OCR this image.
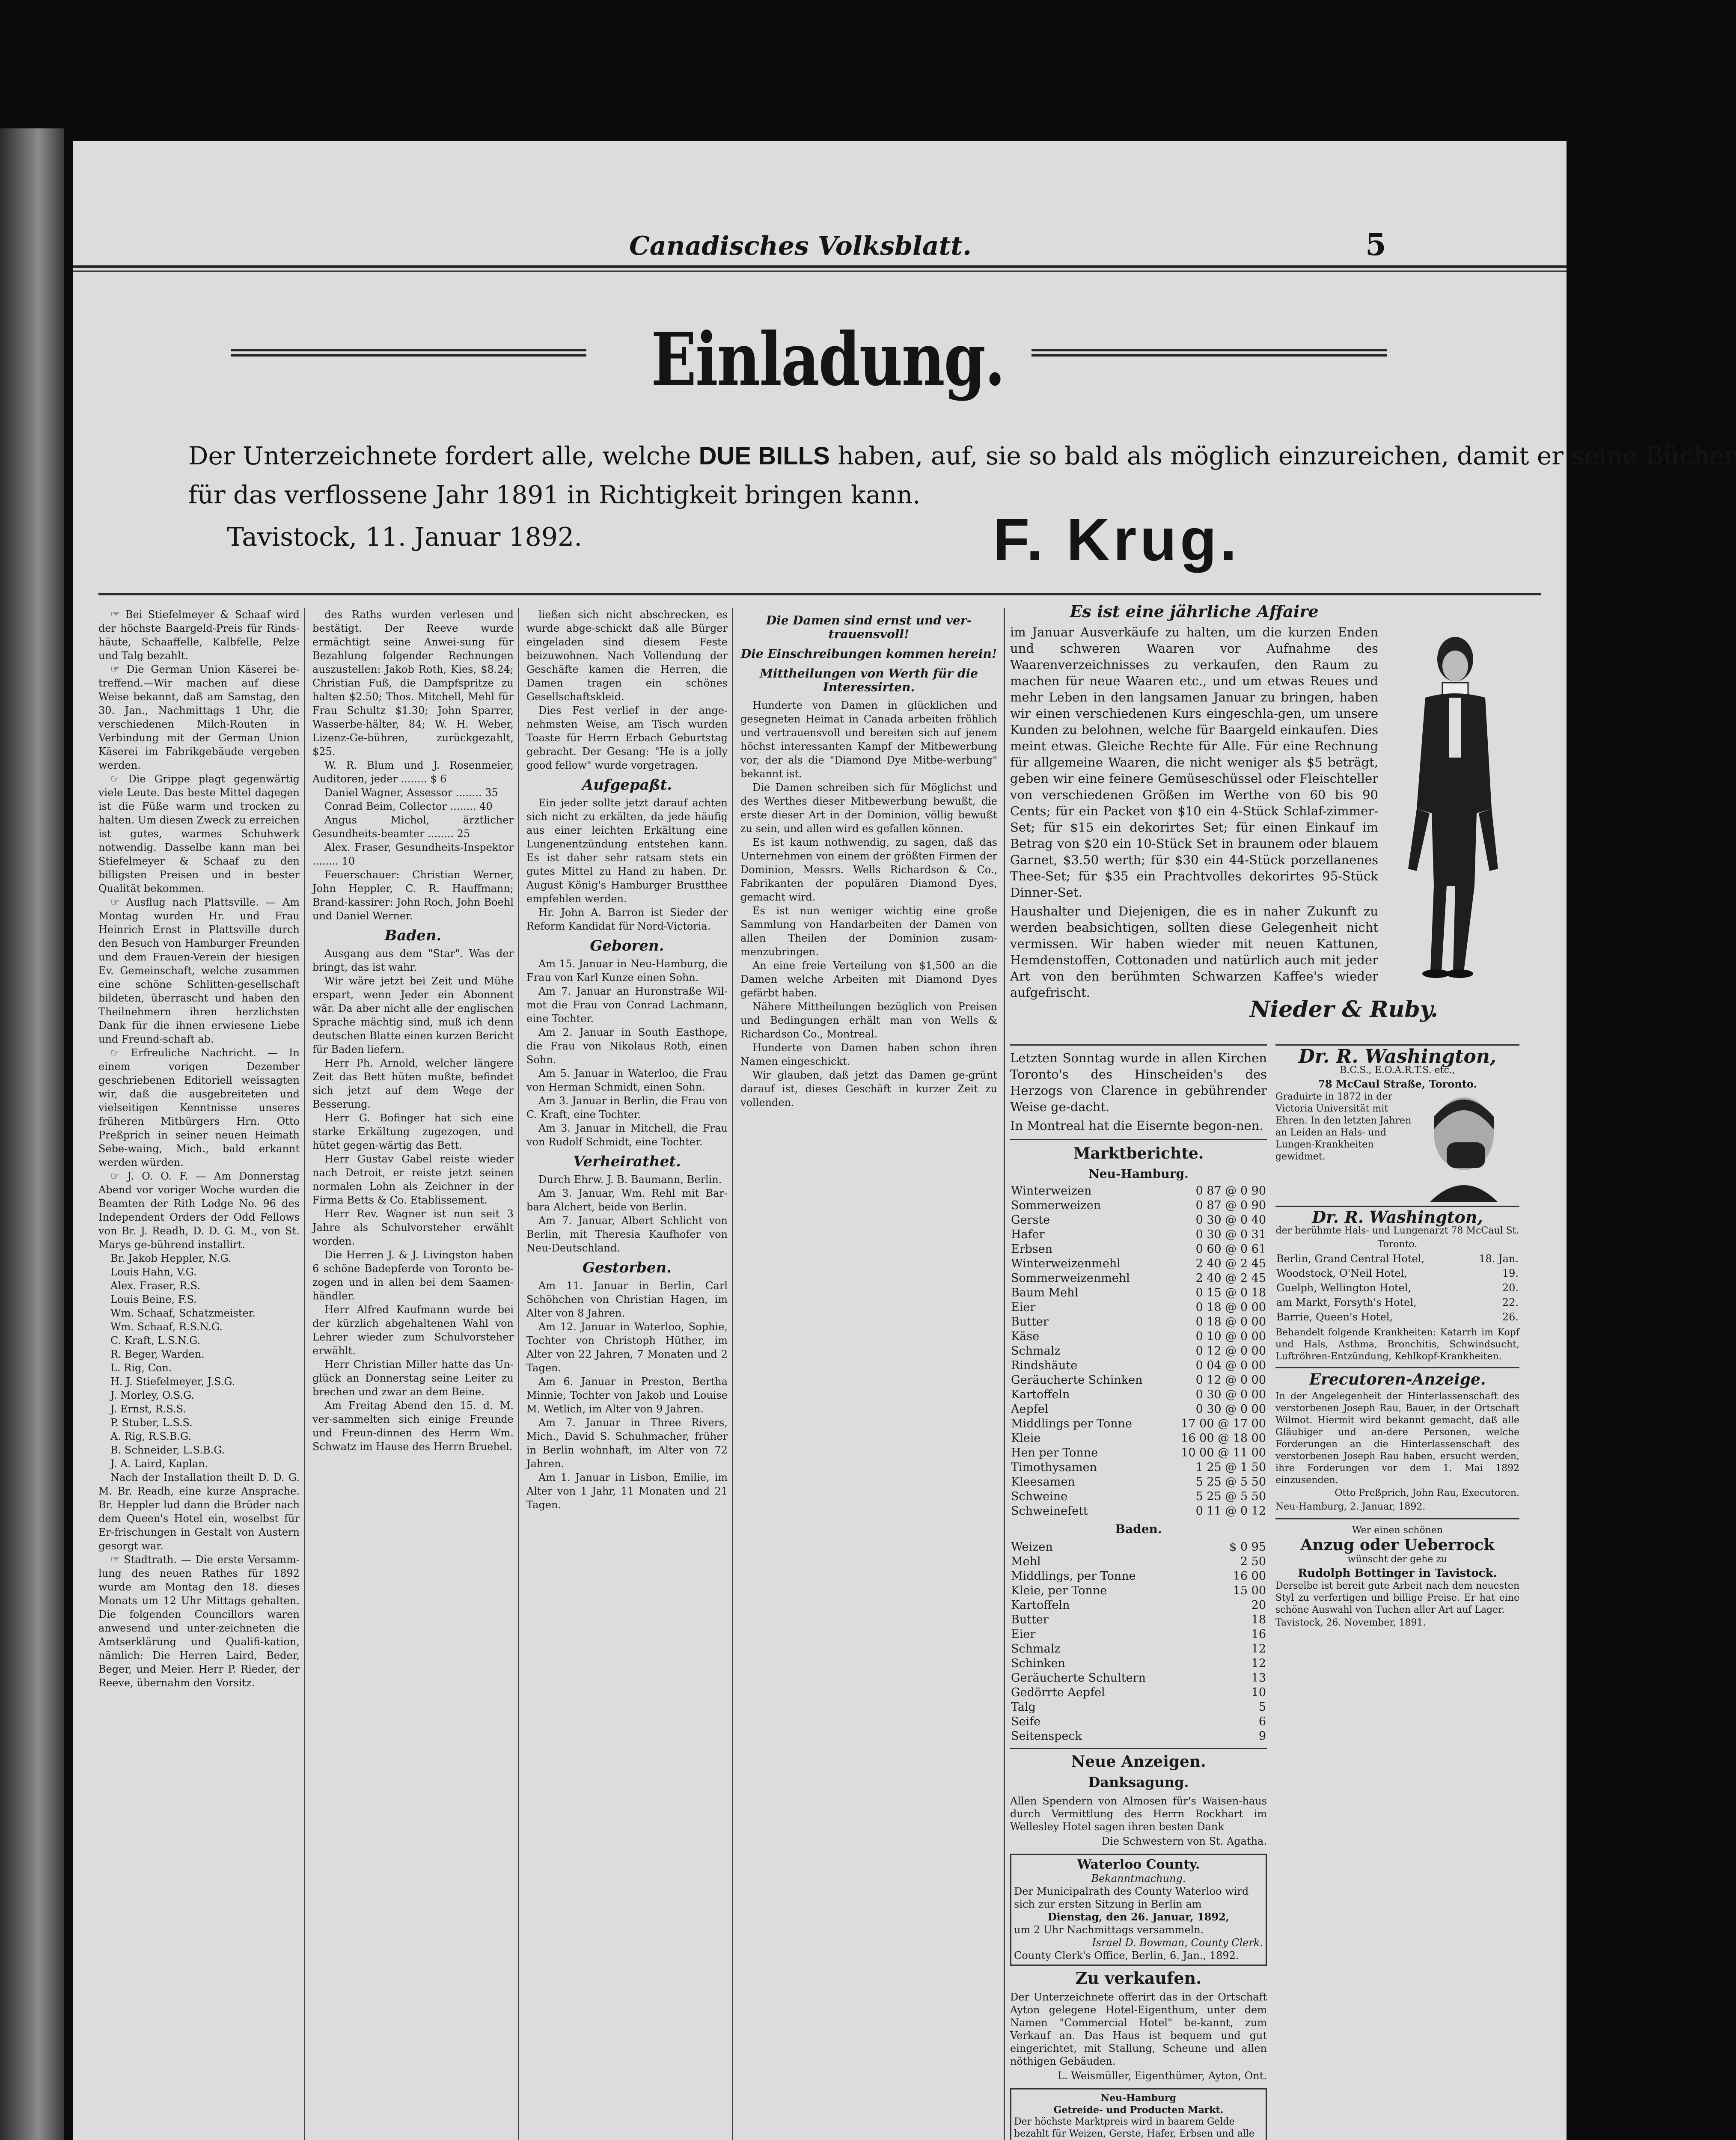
Canadisches Volksblatt.	5
Einladung.
Der Unterzeichnete fordert alle, welche DUE BILLS haben, auf, sie so bald als möglich einzureichen, damit er seine Bücher
für das verflossene Jahr 1891 in Richtigkeit bringen kann.
Tavistock, 11. Januar 1892.	F. Krug.

☞ Bei Stiefelmeyer & Schaaf wird der höchste Baargeld-Preis für Rinds-häute, Schaaffelle, Kalbfelle, Pelze und Talg bezahlt.

☞ Die German Union Käserei be-treffend.—Wir machen auf diese Weise bekannt, daß am Samstag, den 30. Jan., Nachmittags 1 Uhr, die verschiedenen Milch-Routen in Verbindung mit der German Union Käserei im Fabrikgebäude vergeben werden.

☞ Die Grippe plagt gegenwärtig viele Leute. Das beste Mittel dagegen ist die Füße warm und trocken zu halten. Um diesen Zweck zu erreichen ist gutes, warmes Schuhwerk notwendig. Dasselbe kann man bei Stiefelmeyer & Schaaf zu den billigsten Preisen und in bester Qualität bekommen.

☞ Ausflug nach Plattsville. — Am Montag wurden Hr. und Frau Heinrich Ernst in Plattsville durch den Besuch von Hamburger Freunden und dem Frauen-Verein der hiesigen Ev. Gemeinschaft, welche zusammen eine schöne Schlitten-gesellschaft bildeten, überrascht und haben den Theilnehmern ihren herzlichsten Dank für die ihnen erwiesene Liebe und Freund-schaft ab.

☞ Erfreuliche Nachricht. — In einem vorigen Dezember geschriebenen Editoriell weissagten wir, daß die ausgebreiteten und vielseitigen Kenntnisse unseres früheren Mitbürgers Hrn. Otto Preßprich in seiner neuen Heimath Sebe-waing, Mich., bald erkannt werden würden.

☞ J. O. O. F. — Am Donnerstag Abend vor voriger Woche wurden die Beamten der Rith Lodge No. 96 des Independent Orders der Odd Fellows von Br. J. Readh, D. D. G. M., von St. Marys ge-bührend installirt.

Br. Jakob Heppler, N.G.

Louis Hahn, V.G.

Alex. Fraser, R.S.

Louis Beine, F.S.

Wm. Schaaf, Schatzmeister.

Wm. Schaaf, R.S.N.G.

C. Kraft, L.S.N.G.

R. Beger, Warden.

L. Rig, Con.

H. J. Stiefelmeyer, J.S.G.

J. Morley, O.S.G.

J. Ernst, R.S.S.

P. Stuber, L.S.S.

A. Rig, R.S.B.G.

B. Schneider, L.S.B.G.

J. A. Laird, Kaplan.

Nach der Installation theilt D. D. G. M. Br. Readh, eine kurze Ansprache. Br. Heppler lud dann die Brüder nach dem Queen's Hotel ein, woselbst für Er-frischungen in Gestalt von Austern gesorgt war.

☞ Stadtrath. — Die erste Versamm-lung des neuen Rathes für 1892 wurde am Montag den 18. dieses Monats um 12 Uhr Mittags gehalten. Die folgenden Councillors waren anwesend und unter-zeichneten die Amtserklärung und Qualifi-kation, nämlich: Die Herren Laird, Beder, Beger, und Meier. Herr P. Rieder, der Reeve, übernahm den Vorsitz.

des Raths wurden verlesen und bestätigt. Der Reeve wurde ermächtigt seine Anwei-sung für Bezahlung folgender Rechnungen auszustellen: Jakob Roth, Kies, $8.24; Christian Fuß, die Dampfspritze zu halten $2.50; Thos. Mitchell, Mehl für Frau Schultz $1.30; John Sparrer, Wasserbe-hälter, 84; W. H. Weber, Lizenz-Ge-bühren, zurückgezahlt, $25.

W. R. Blum und J. Rosenmeier, Auditoren, jeder ........ $ 6

Daniel Wagner, Assessor ........ 35

Conrad Beim, Collector ........ 40

Angus Michol, ärztlicher Gesundheits-beamter ........ 25

Alex. Fraser, Gesundheits-Inspektor ........ 10

Feuerschauer: Christian Werner, John Heppler, C. R. Hauffmann; Brand-kassirer: John Roch, John Boehl und Daniel Werner.

Baden.

Ausgang aus dem "Star". Was der bringt, das ist wahr.

Wir wäre jetzt bei Zeit und Mühe erspart, wenn Jeder ein Abonnent wär. Da aber nicht alle der englischen Sprache mächtig sind, muß ich denn deutschen Blatte einen kurzen Bericht für Baden liefern.

Herr Ph. Arnold, welcher längere Zeit das Bett hüten mußte, befindet sich jetzt auf dem Wege der Besserung.

Herr G. Bofinger hat sich eine starke Erkältung zugezogen, und hütet gegen-wärtig das Bett.

Herr Gustav Gabel reiste wieder nach Detroit, er reiste jetzt seinen normalen Lohn als Zeichner in der Firma Betts & Co. Etablissement.

Herr Rev. Wagner ist nun seit 3 Jahre als Schulvorsteher erwählt worden.

Die Herren J. & J. Livingston haben 6 schöne Badepferde von Toronto be-zogen und in allen bei dem Saamen-händler.

Herr Alfred Kaufmann wurde bei der kürzlich abgehaltenen Wahl von Lehrer wieder zum Schulvorsteher erwählt.

Herr Christian Miller hatte das Un-glück an Donnerstag seine Leiter zu brechen und zwar an dem Beine.

Am Freitag Abend den 15. d. M. ver-sammelten sich einige Freunde und Freun-dinnen des Herrn Wm. Schwatz im Hause des Herrn Bruehel.

ließen sich nicht abschrecken, es wurde abge-schickt daß alle Bürger eingeladen sind diesem Feste beizuwohnen. Nach Vollendung der Geschäfte kamen die Herren, die Damen tragen ein schönes Gesellschaftskleid.

Dies Fest verlief in der ange-nehmsten Weise, am Tisch wurden Toaste für Herrn Erbach Geburtstag gebracht. Der Gesang: "He is a jolly good fellow" wurde vorgetragen.

Aufgepaßt.

Ein jeder sollte jetzt darauf achten sich nicht zu erkälten, da jede häufig aus einer leichten Erkältung eine Lungenentzündung entstehen kann. Es ist daher sehr ratsam stets ein gutes Mittel zu Hand zu haben. Dr. August König's Hamburger Brustthee empfehlen werden.

Hr. John A. Barron ist Sieder der Reform Kandidat für Nord-Victoria.

Geboren.

Am 15. Januar in Neu-Hamburg, die Frau von Karl Kunze einen Sohn.

Am 7. Januar an Huronstraße Wil-mot die Frau von Conrad Lachmann, eine Tochter.

Am 2. Januar in South Easthope, die Frau von Nikolaus Roth, einen Sohn.

Am 5. Januar in Waterloo, die Frau von Herman Schmidt, einen Sohn.

Am 3. Januar in Berlin, die Frau von C. Kraft, eine Tochter.

Am 3. Januar in Mitchell, die Frau von Rudolf Schmidt, eine Tochter.

Verheirathet.

Durch Ehrw. J. B. Baumann, Berlin.

Am 3. Januar, Wm. Rehl mit Bar-bara Alchert, beide von Berlin.

Am 7. Januar, Albert Schlicht von Berlin, mit Theresia Kaufhofer von Neu-Deutschland.

Gestorben.

Am 11. Januar in Berlin, Carl Schöhchen von Christian Hagen, im Alter von 8 Jahren.

Am 12. Januar in Waterloo, Sophie, Tochter von Christoph Hüther, im Alter von 22 Jahren, 7 Monaten und 2 Tagen.

Am 6. Januar in Preston, Bertha Minnie, Tochter von Jakob und Louise M. Wetlich, im Alter von 9 Jahren.

Am 7. Januar in Three Rivers, Mich., David S. Schuhmacher, früher in Berlin wohnhaft, im Alter von 72 Jahren.

Am 1. Januar in Lisbon, Emilie, im Alter von 1 Jahr, 11 Monaten und 21 Tagen.

Es ist eine jährliche Affaire
im Januar Ausverkäufe zu halten, um die kurzen Enden und schweren Waaren vor Aufnahme des Waarenverzeichnisses zu verkaufen, den Raum zu machen für neue Waaren etc., und um etwas Reues und mehr Leben in den langsamen Januar zu bringen, haben wir einen verschiedenen Kurs eingeschla-gen, um unsere Kunden zu belohnen, welche für Baargeld einkaufen. Dies meint etwas. Gleiche Rechte für Alle. Für eine Rechnung für allgemeine Waaren, die nicht weniger als $5 beträgt, geben wir eine feinere Gemüseschüssel oder Fleischteller von verschiedenen Größen im Werthe von 60 bis 90 Cents; für ein Packet von $10 ein 4-Stück Schlaf-zimmer-Set; für $15 ein dekorirtes Set; für einen Einkauf im Betrag von $20 ein 10-Stück Set in braunem oder blauem Garnet, $3.50 werth; für $30 ein 44-Stück porzellanenes Thee-Set; für $35 ein Prachtvolles dekorirtes 95-Stück Dinner-Set.
Haushalter und Diejenigen, die es in naher Zukunft zu werden beabsichtigen, sollten diese Gelegenheit nicht vermissen. Wir haben wieder mit neuen Kattunen, Hemdenstoffen, Cottonaden und natürlich auch mit jeder Art von den berühmten Schwarzen Kaffee's wieder aufgefrischt.
Nieder & Ruby.
Letzten Sonntag wurde in allen Kirchen Toronto's des Hinscheiden's des Herzogs von Clarence in gebührender Weise ge-dacht.
In Montreal hat die Eisernte begon-nen.
Marktberichte.
Neu-Hamburg.
Winterweizen	0 87 @ 0 90
Sommerweizen	0 87 @ 0 90
Gerste	0 30 @ 0 40
Hafer	0 30 @ 0 31
Erbsen	0 60 @ 0 61
Winterweizenmehl	2 40 @ 2 45
Sommerweizenmehl	2 40 @ 2 45
Baum Mehl	0 15 @ 0 18
Eier	0 18 @ 0 00
Butter	0 18 @ 0 00
Käse	0 10 @ 0 00
Schmalz	0 12 @ 0 00
Rindshäute	0 04 @ 0 00
Geräucherte Schinken	0 12 @ 0 00
Kartoffeln	0 30 @ 0 00
Aepfel	0 30 @ 0 00
Middlings per Tonne	17 00 @ 17 00
Kleie	16 00 @ 18 00
Hen per Tonne	10 00 @ 11 00
Timothysamen	1 25 @ 1 50
Kleesamen	5 25 @ 5 50
Schweine	5 25 @ 5 50
Schweinefett	0 11 @ 0 12
Baden.
Weizen	$ 0 95
Mehl	2 50
Middlings, per Tonne	16 00
Kleie, per Tonne	15 00
Kartoffeln	20
Butter	18
Eier	16
Schmalz	12
Schinken	12
Geräucherte Schultern	13
Gedörrte Aepfel	10
Talg	5
Seife	6
Seitenspeck	9
Neue Anzeigen.
Danksagung.
Allen Spendern von Almosen für's Waisen-haus durch Vermittlung des Herrn Rockhart im Wellesley Hotel sagen ihren besten Dank
Die Schwestern von St. Agatha.
Waterloo County.
Bekanntmachung.
Der Municipalrath des County Waterloo wird sich zur ersten Sitzung in Berlin am
Dienstag, den 26. Januar, 1892,
um 2 Uhr Nachmittags versammeln.
Israel D. Bowman, County Clerk.
County Clerk's Office, Berlin, 6. Jan., 1892.
Zu verkaufen.
Der Unterzeichnete offerirt das in der Ortschaft Ayton gelegene Hotel-Eigenthum, unter dem Namen "Commercial Hotel" be-kannt, zum Verkauf an. Das Haus ist bequem und gut eingerichtet, mit Stallung, Scheune und allen nöthigen Gebäuden.
L. Weismüller, Eigenthümer, Ayton, Ont.
Neu-Hamburg
Getreide- und Producten Markt.
Der höchste Marktpreis wird in baarem Gelde bezahlt für Weizen, Gerste, Hafer, Erbsen und alle
Dr. R. Washington,
B.C.S., E.O.A.R.T.S. etc.,
78 McCaul Straße, Toronto.
Graduirte in 1872 in der Victoria Universität mit Ehren. In den letzten Jahren an Leiden an Hals- und Lungen-Krankheiten gewidmet.
Dr. R. Washington,
der berühmte Hals- und Lungenarzt 78 McCaul St. Toronto.
Berlin, Grand Central Hotel,	18. Jan.
Woodstock, O'Neil Hotel,	19.
Guelph, Wellington Hotel,	20.
am Markt, Forsyth's Hotel,	22.
Barrie, Queen's Hotel,	26.
Behandelt folgende Krankheiten: Katarrh im Kopf und Hals, Asthma, Bronchitis, Schwindsucht, Luftröhren-Entzündung, Kehlkopf-Krankheiten.
Erecutoren-Anzeige.
In der Angelegenheit der Hinterlassenschaft des verstorbenen Joseph Rau, Bauer, in der Ortschaft Wilmot. Hiermit wird bekannt gemacht, daß alle Gläubiger und an-dere Personen, welche Forderungen an die Hinterlassenschaft des verstorbenen Joseph Rau haben, ersucht werden, ihre Forderungen vor dem 1. Mai 1892 einzusenden.
Otto Preßprich, John Rau, Executoren.
Neu-Hamburg, 2. Januar, 1892.
Wer einen schönen
Anzug oder Ueberrock
wünscht der gehe zu
Rudolph Bottinger in Tavistock.
Derselbe ist bereit gute Arbeit nach dem neuesten Styl zu verfertigen und billige Preise. Er hat eine schöne Auswahl von Tuchen aller Art auf Lager.
Tavistock, 26. November, 1891.

Die Damen sind ernst und ver-trauensvoll!

Die Einschreibungen kommen herein!

Mittheilungen von Werth für die Interessirten.

Hunderte von Damen in glücklichen und gesegneten Heimat in Canada arbeiten fröhlich und vertrauensvoll und bereiten sich auf jenem höchst interessanten Kampf der Mitbewerbung vor, der als die "Diamond Dye Mitbe-werbung" bekannt ist.

Die Damen schreiben sich für Möglichst und des Werthes dieser Mitbewerbung bewußt, die erste dieser Art in der Dominion, völlig bewußt zu sein, und allen wird es gefallen können.

Es ist kaum nothwendig, zu sagen, daß das Unternehmen von einem der größten Firmen der Dominion, Messrs. Wells Richardson & Co., Fabrikanten der populären Diamond Dyes, gemacht wird.

Es ist nun weniger wichtig eine große Sammlung von Handarbeiten der Damen von allen Theilen der Dominion zusam-menzubringen.

An eine freie Verteilung von $1,500 an die Damen welche Arbeiten mit Diamond Dyes gefärbt haben.

Nähere Mittheilungen bezüglich von Preisen und Bedingungen erhält man von Wells & Richardson Co., Montreal.

Hunderte von Damen haben schon ihren Namen eingeschickt.

Wir glauben, daß jetzt das Damen ge-grünt darauf ist, dieses Geschäft in kurzer Zeit zu vollenden.
